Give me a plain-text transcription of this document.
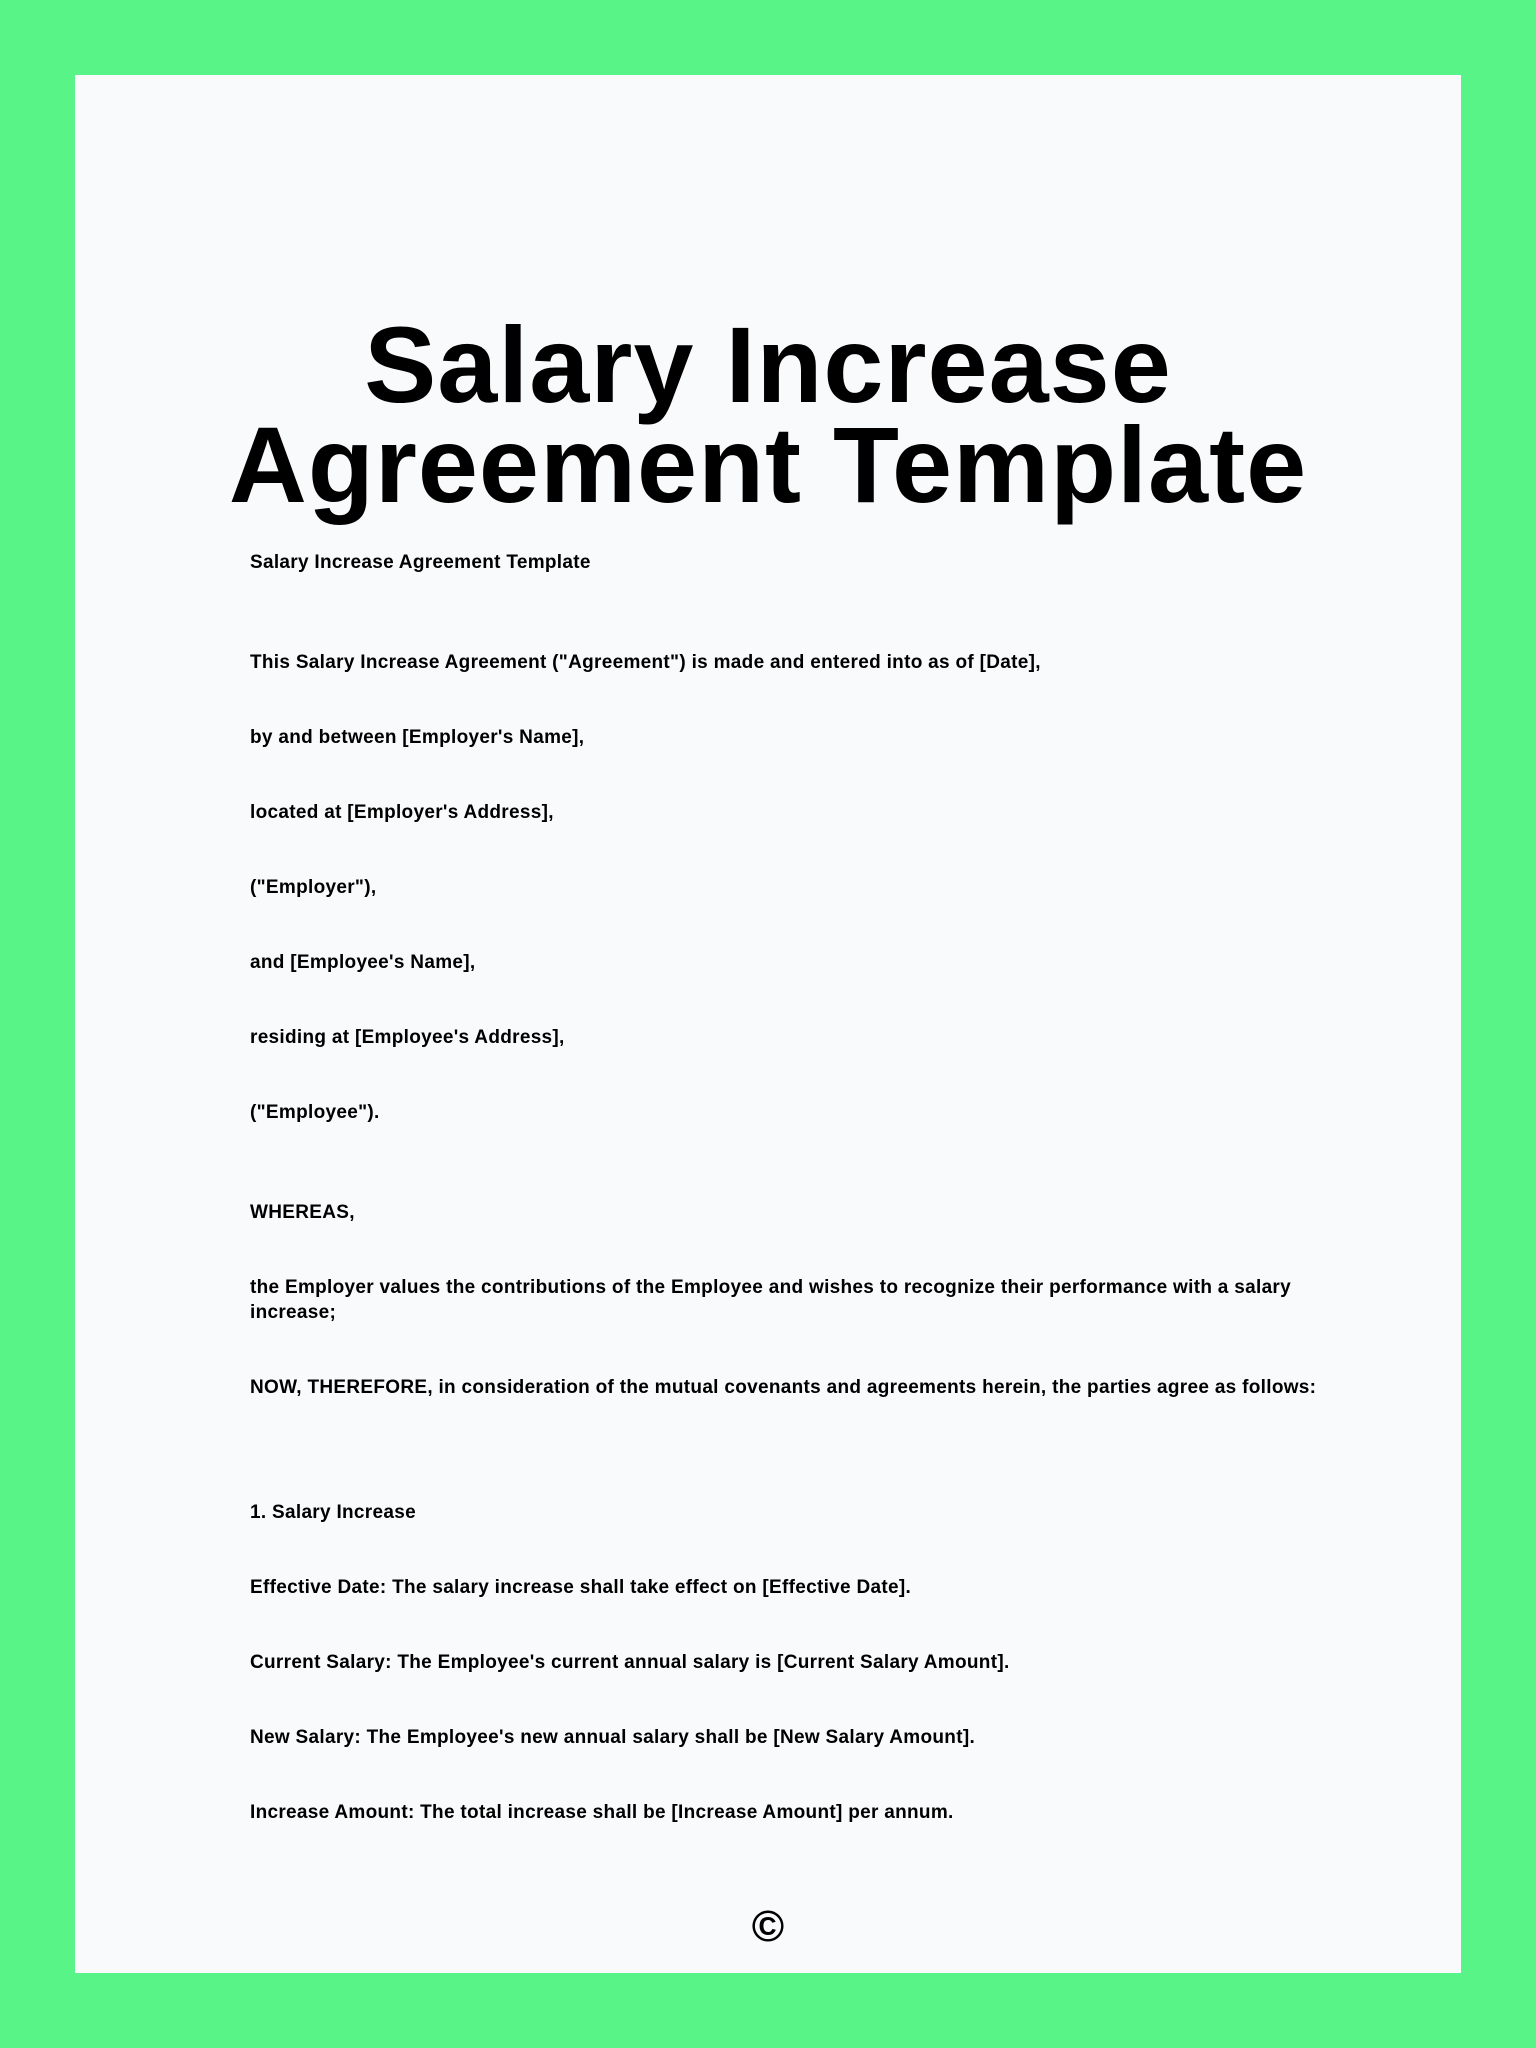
Salary Increase Agreement Template

Salary Increase Agreement Template

This Salary Increase Agreement ("Agreement") is made and entered into as of [Date],

by and between [Employer's Name],

located at [Employer's Address],

("Employer"),

and [Employee's Name],

residing at [Employee's Address],

("Employee").

WHEREAS,

the Employer values the contributions of the Employee and wishes to recognize their performance with a salary increase;

NOW, THEREFORE, in consideration of the mutual covenants and agreements herein, the parties agree as follows:

1. Salary Increase

Effective Date: The salary increase shall take effect on [Effective Date].

Current Salary: The Employee's current annual salary is [Current Salary Amount].

New Salary: The Employee's new annual salary shall be [New Salary Amount].

Increase Amount: The total increase shall be [Increase Amount] per annum.

©
